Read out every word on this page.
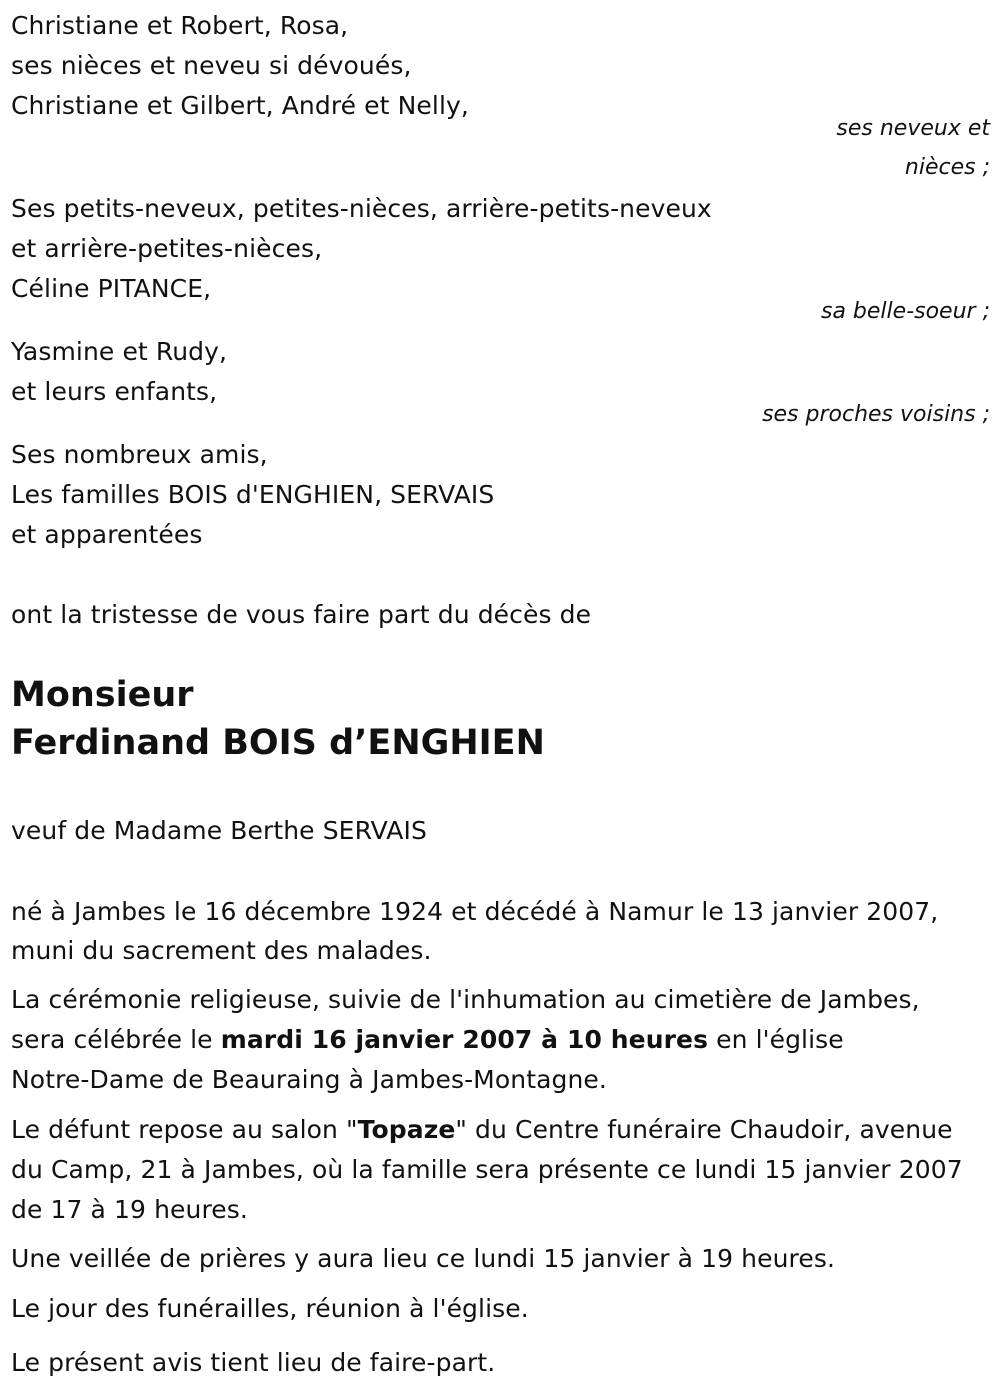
Christiane et Robert, Rosa,
ses nièces et neveu si dévoués,
Christiane et Gilbert, André et Nelly,
ses neveux et
nièces ;
Ses petits-neveux, petites-nièces, arrière-petits-neveux
et arrière-petites-nièces,
Céline PITANCE,
sa belle-soeur ;
Yasmine et Rudy,
et leurs enfants,
ses proches voisins ;
Ses nombreux amis,
Les familles BOIS d'ENGHIEN, SERVAIS
et apparentées
ont la tristesse de vous faire part du décès de
Monsieur
Ferdinand BOIS d’ENGHIEN
veuf de Madame Berthe SERVAIS
né à Jambes le 16 décembre 1924 et décédé à Namur le 13 janvier 2007,
muni du sacrement des malades.
La cérémonie religieuse, suivie de l'inhumation au cimetière de Jambes,
sera célébrée le mardi 16 janvier 2007 à 10 heures en l'église
Notre-Dame de Beauraing à Jambes-Montagne.
Le défunt repose au salon "Topaze" du Centre funéraire Chaudoir, avenue
du Camp, 21 à Jambes, où la famille sera présente ce lundi 15 janvier 2007
de 17 à 19 heures.
Une veillée de prières y aura lieu ce lundi 15 janvier à 19 heures.
Le jour des funérailles, réunion à l'église.
Le présent avis tient lieu de faire-part.
